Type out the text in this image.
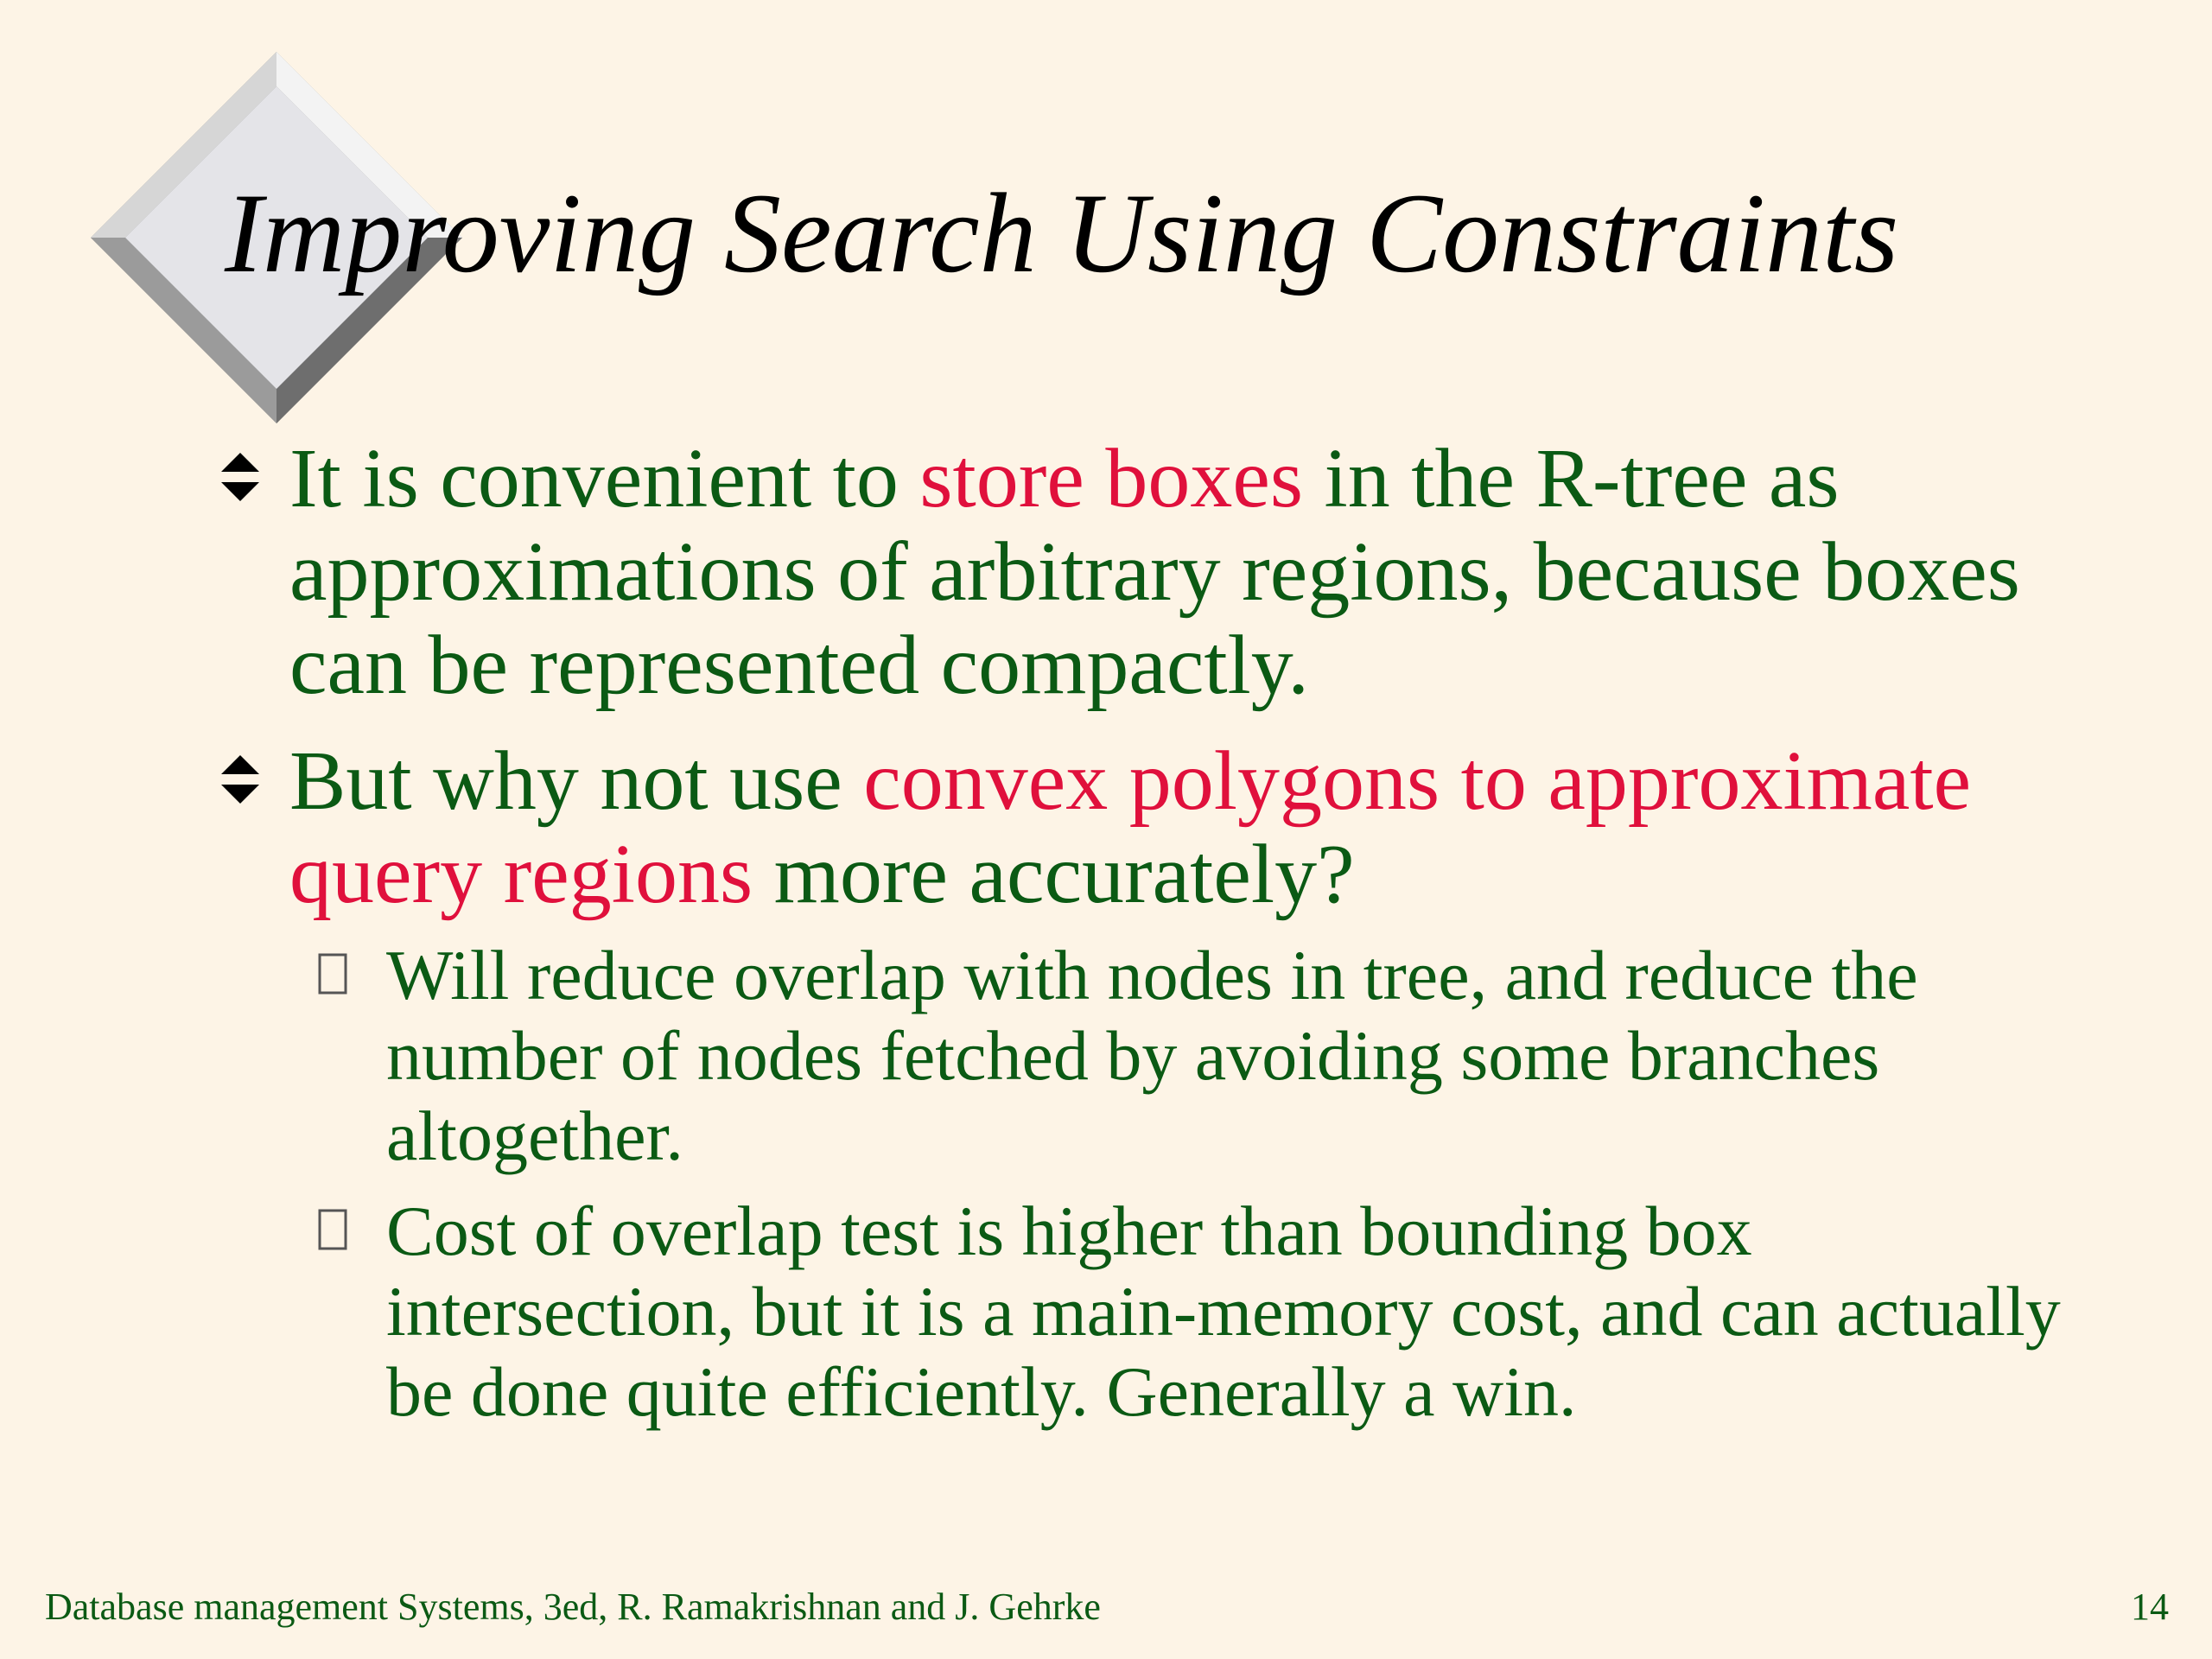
Improving Search Using Constraints
It is convenient to store boxes in the R-tree as approximations of arbitrary regions, because boxes can be represented compactly.
But why not use convex polygons to approximate query regions more accurately?
Will reduce overlap with nodes in tree, and reduce the number of nodes fetched by avoiding some branches altogether.
Cost of overlap test is higher than bounding box intersection, but it is a main-memory cost, and can actually be done quite efficiently. Generally a win.
Database management Systems, 3ed, R. Ramakrishnan and J. Gehrke	14
